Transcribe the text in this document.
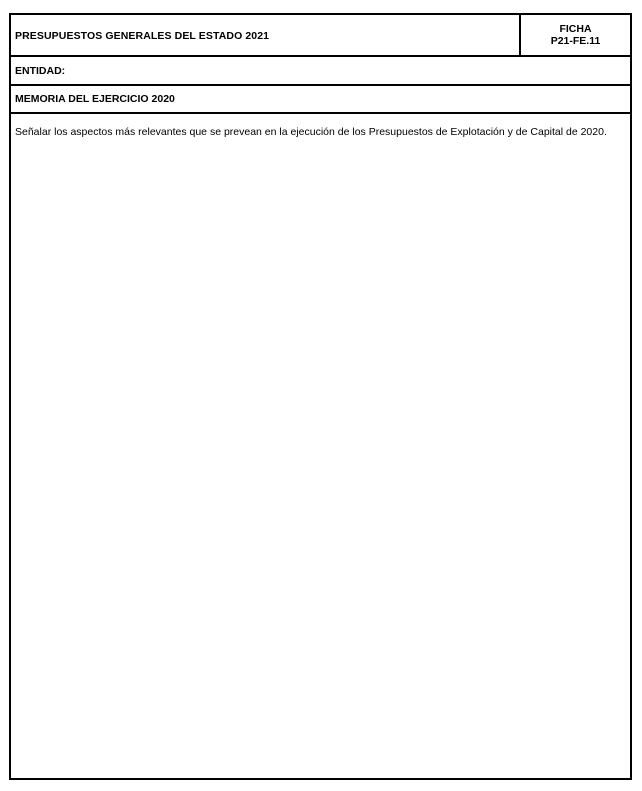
PRESUPUESTOS GENERALES DEL ESTADO 2021
FICHA
P21-FE.11
ENTIDAD:
MEMORIA DEL EJERCICIO 2020
Señalar los aspectos más relevantes que se prevean en la ejecución de los Presupuestos de Explotación y de Capital de 2020.
